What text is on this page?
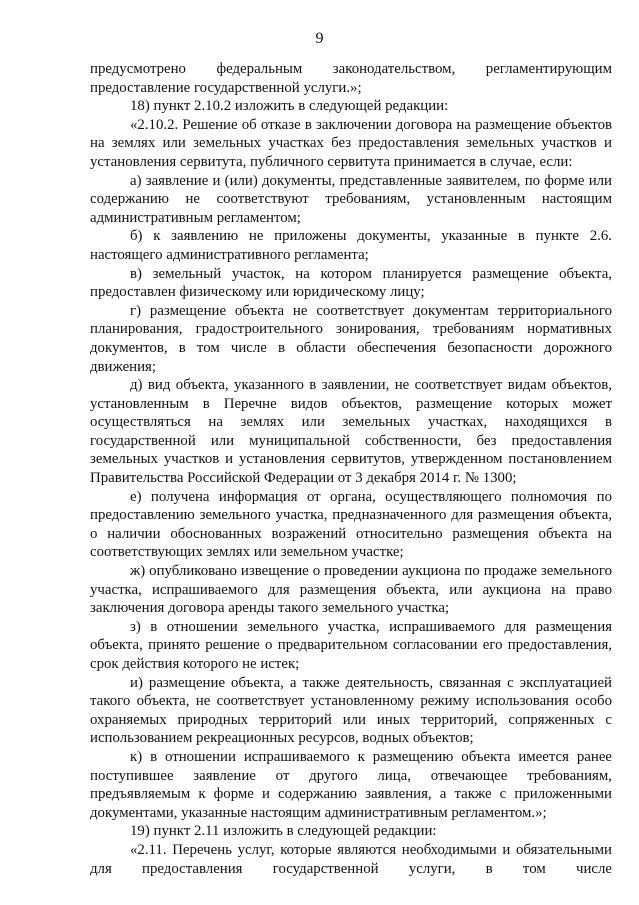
9

предусмотрено федеральным законодательством, регламентирующим предоставление государственной услуги.»;

18) пункт 2.10.2 изложить в следующей редакции:

«2.10.2. Решение об отказе в заключении договора на размещение объектов на землях или земельных участках без предоставления земельных участков и установления сервитута, публичного сервитута принимается в случае, если:

а) заявление и (или) документы, представленные заявителем, по форме или содержанию не соответствуют требованиям, установленным настоящим административным регламентом;

б) к заявлению не приложены документы, указанные в пункте 2.6. настоящего административного регламента;

в) земельный участок, на котором планируется размещение объекта, предоставлен физическому или юридическому лицу;

г) размещение объекта не соответствует документам территориального планирования, градостроительного зонирования, требованиям нормативных документов, в том числе в области обеспечения безопасности дорожного движения;

д) вид объекта, указанного в заявлении, не соответствует видам объектов, установленным в Перечне видов объектов, размещение которых может осуществляться на землях или земельных участках, находящихся в государственной или муниципальной собственности, без предоставления земельных участков и установления сервитутов, утвержденном постановлением Правительства Российской Федерации от 3 декабря 2014 г. № 1300;

е) получена информация от органа, осуществляющего полномочия по предоставлению земельного участка, предназначенного для размещения объекта, о наличии обоснованных возражений относительно размещения объекта на соответствующих землях или земельном участке;

ж) опубликовано извещение о проведении аукциона по продаже земельного участка, испрашиваемого для размещения объекта, или аукциона на право заключения договора аренды такого земельного участка;

з) в отношении земельного участка, испрашиваемого для размещения объекта, принято решение о предварительном согласовании его предоставления, срок действия которого не истек;

и) размещение объекта, а также деятельность, связанная с эксплуатацией такого объекта, не соответствует установленному режиму использования особо охраняемых природных территорий или иных территорий, сопряженных с использованием рекреационных ресурсов, водных объектов;

к) в отношении испрашиваемого к размещению объекта имеется ранее поступившее заявление от другого лица, отвечающее требованиям, предъявляемым к форме и содержанию заявления, а также с приложенными документами, указанные настоящим административным регламентом.»;

19) пункт 2.11 изложить в следующей редакции:

«2.11. Перечень услуг, которые являются необходимыми и обязательными для предоставления государственной услуги, в том числе
